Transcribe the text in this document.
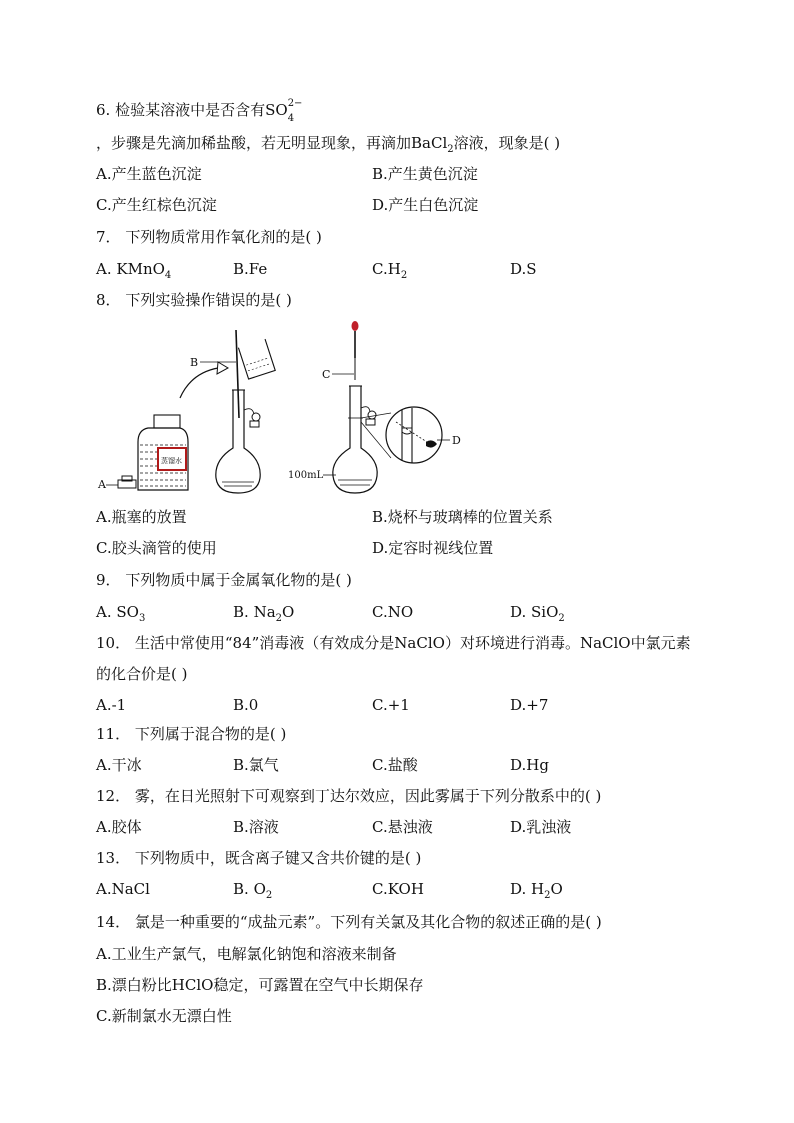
6. 检验某溶液中是否含有SO 2−
4
，步骤是先滴加稀盐酸，若无明显现象，再滴加BaCl$_2$溶液，现象是( )
A.产生蓝色沉淀	B.产生黄色沉淀
C.产生红棕色沉淀	D.产生白色沉淀
7． 下列物质常用作氧化剂的是( )
A. KMnO$_4$	B.Fe	$C.H_2$	D.S
8． 下列实验操作错误的是( )
A
蒸馏水
B
C
100mL
D
A.瓶塞的放置	B.烧杯与玻璃棒的位置关系
C.胶头滴管的使用	D.定容时视线位置
9． 下列物质中属于金属氧化物的是( )
A. $SO_3$	B. $Na_2O$	C.NO	D. SiO$_2$
10． 生活中常使用“84”消毒液（有效成分是NaClO）对环境进行消毒。NaClO中氯元素
的化合价是( )
A.-1	B.0	C.+1	D.+7
11． 下列属于混合物的是( )
A.干冰	B.氯气	C.盐酸	D.Hg
12． 雾，在日光照射下可观察到丁达尔效应，因此雾属于下列分散系中的( )
A.胶体	B.溶液	C.悬浊液	D.乳浊液
13． 下列物质中，既含离子键又含共价键的是( )
A.NaCl	B. $O_2$	C.KOH	D. $H_2O$
14． 氯是一种重要的“成盐元素”。下列有关氯及其化合物的叙述正确的是( )
A.工业生产氯气，电解氯化钠饱和溶液来制备
B.漂白粉比HClO稳定，可露置在空气中长期保存
C.新制氯水无漂白性
